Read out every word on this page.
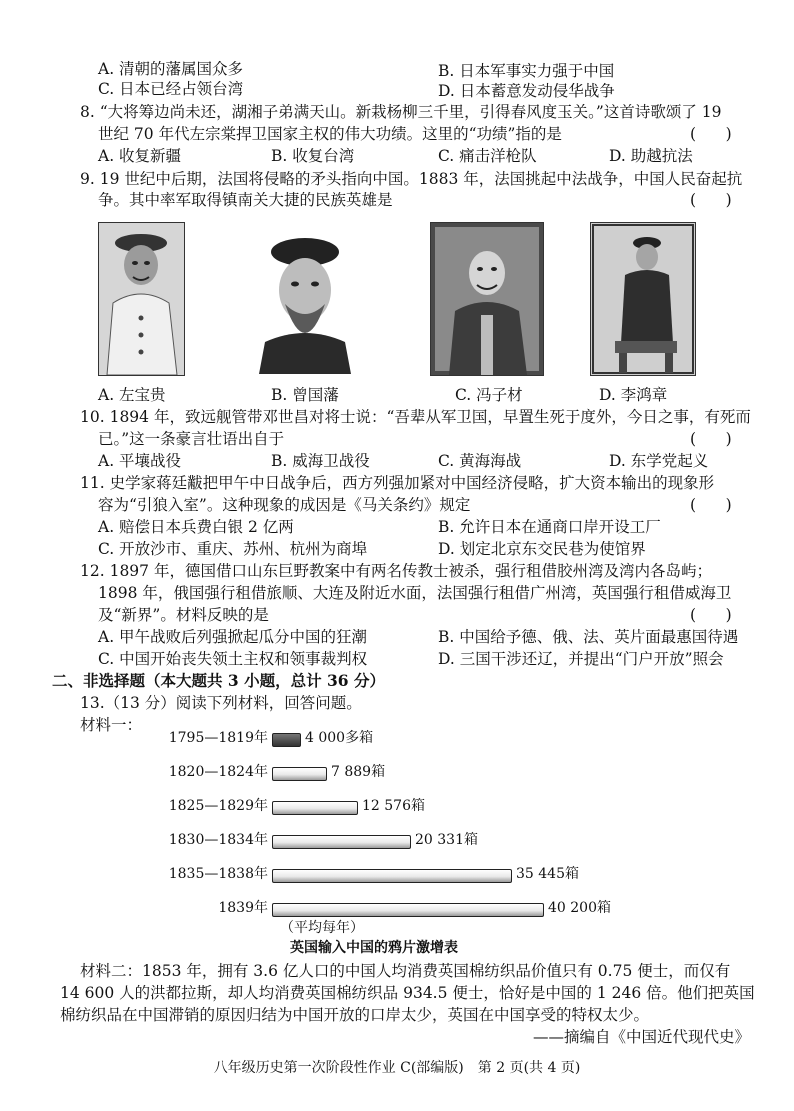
A. 清朝的藩属国众多	B. 日本军事实力强于中国
C. 日本已经占领台湾	D. 日本蓄意发动侵华战争
8. “大将筹边尚未还，湖湘子弟满天山。新栽杨柳三千里，引得春风度玉关。”这首诗歌颂了 19
世纪 70 年代左宗棠捍卫国家主权的伟大功绩。这里的“功绩”指的是	(      )
A. 收复新疆	B. 收复台湾	C. 痛击洋枪队	D. 助越抗法
9. 19 世纪中后期，法国将侵略的矛头指向中国。1883 年，法国挑起中法战争，中国人民奋起抗
争。其中率军取得镇南关大捷的民族英雄是	(      )
A. 左宝贵	B. 曾国藩	C. 冯子材	D. 李鸿章
10. 1894 年，致远舰管带邓世昌对将士说：“吾辈从军卫国，早置生死于度外，今日之事，有死而
已。”这一条豪言壮语出自于	(      )
A. 平壤战役	B. 威海卫战役	C. 黄海海战	D. 东学党起义
11. 史学家蒋廷黻把甲午中日战争后，西方列强加紧对中国经济侵略，扩大资本输出的现象形
容为“引狼入室”。这种现象的成因是《马关条约》规定	(      )
A. 赔偿日本兵费白银 2 亿两	B. 允许日本在通商口岸开设工厂
C. 开放沙市、重庆、苏州、杭州为商埠	D. 划定北京东交民巷为使馆界
12. 1897 年，德国借口山东巨野教案中有两名传教士被杀，强行租借胶州湾及湾内各岛屿；
1898 年，俄国强行租借旅顺、大连及附近水面，法国强行租借广州湾，英国强行租借威海卫
及“新界”。材料反映的是	(      )
A. 甲午战败后列强掀起瓜分中国的狂潮	B. 中国给予德、俄、法、英片面最惠国待遇
C. 中国开始丧失领土主权和领事裁判权	D. 三国干涉还辽，并提出“门户开放”照会
二、非选择题（本大题共 3 小题，总计 36 分）
13.（13 分）阅读下列材料，回答问题。
材料一：
1795—1819年	4 000多箱
1820—1824年	7 889箱
1825—1829年	12 576箱
1830—1834年	20 331箱
1835—1838年	35 445箱
1839年	40 200箱
（平均每年）
英国输入中国的鸦片激增表
材料二：1853 年，拥有 3.6 亿人口的中国人均消费英国棉纺织品价值只有 0.75 便士，而仅有
14 600 人的洪都拉斯，却人均消费英国棉纺织品 934.5 便士，恰好是中国的 1 246 倍。他们把英国
棉纺织品在中国滞销的原因归结为中国开放的口岸太少，英国在中国享受的特权太少。
——摘编自《中国近代现代史》
八年级历史第一次阶段性作业 C(部编版)　第 2 页(共 4 页)
